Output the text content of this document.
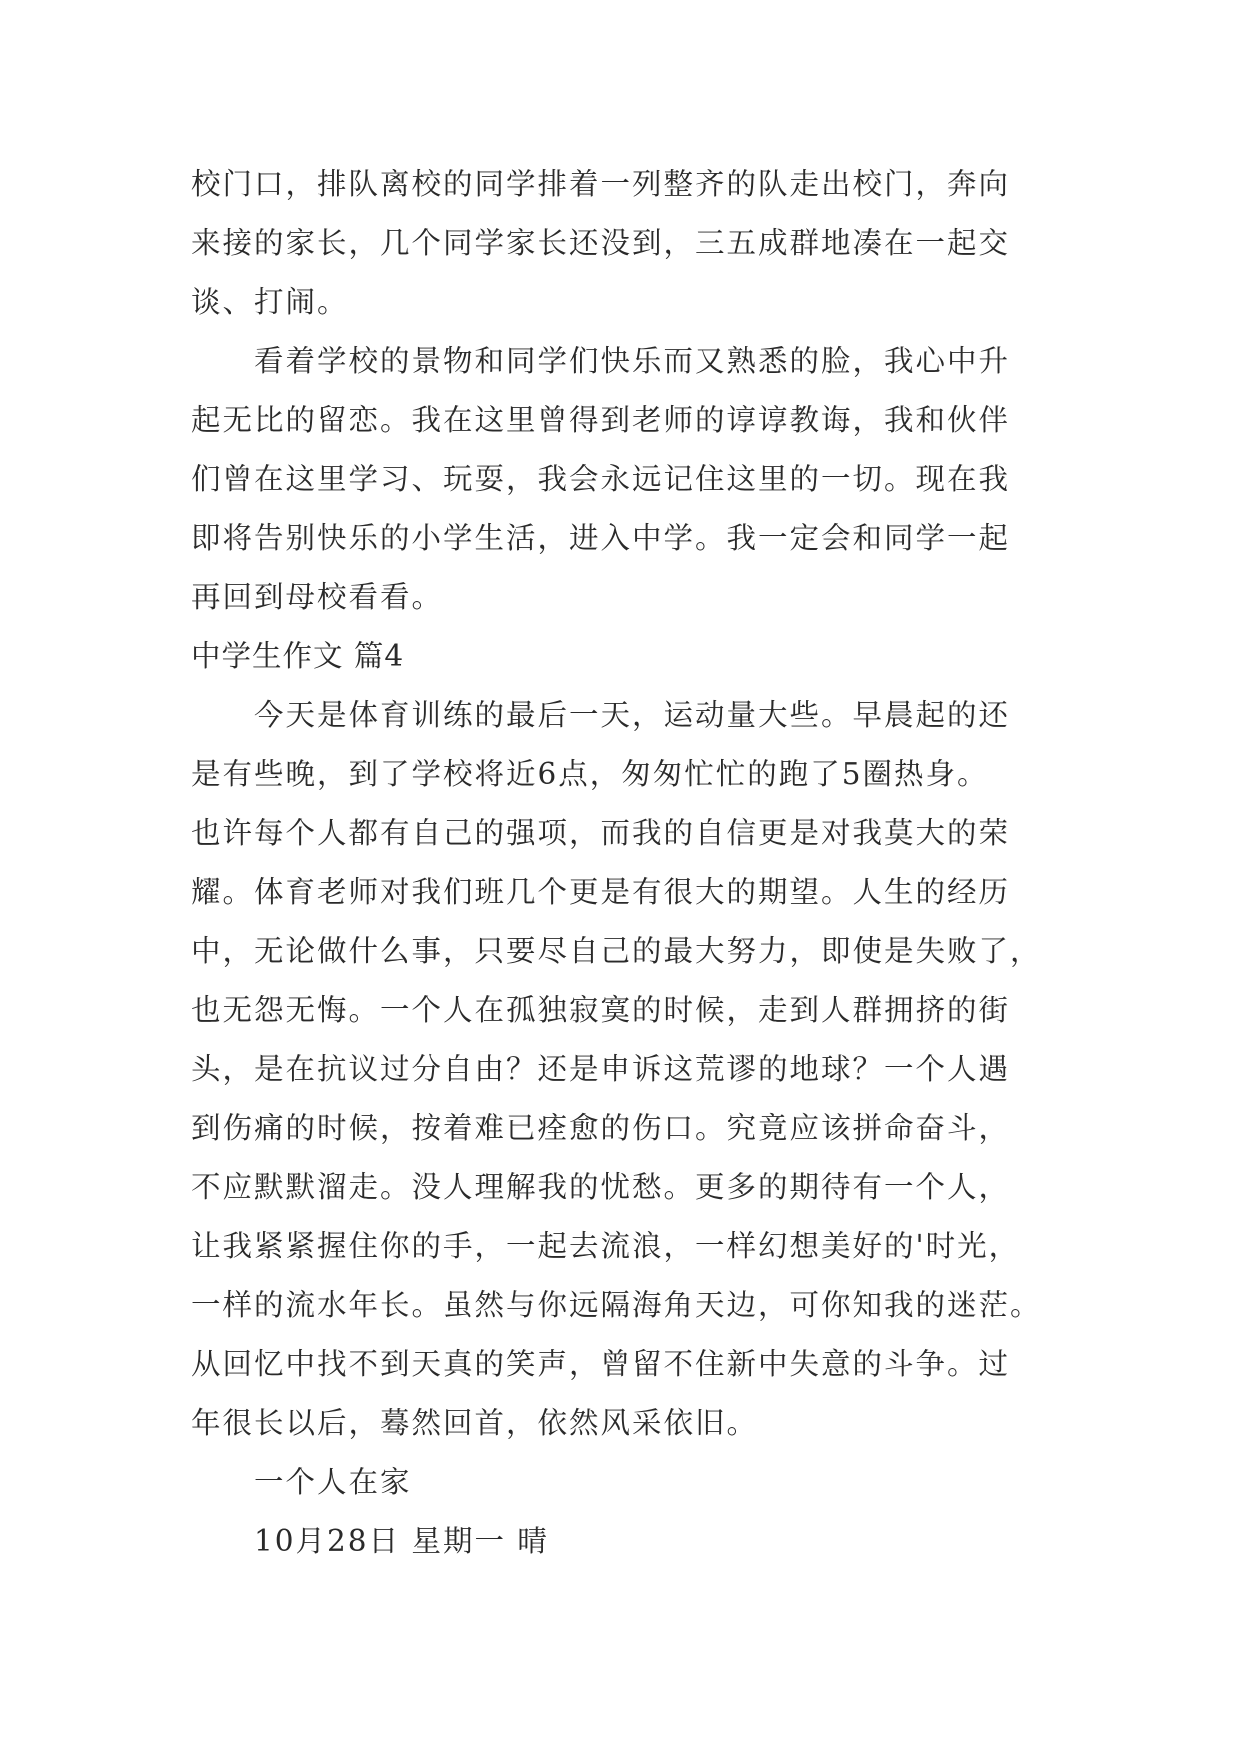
校门口，排队离校的同学排着一列整齐的队走出校门，奔向
来接的家长，几个同学家长还没到，三五成群地凑在一起交
谈、打闹。
看着学校的景物和同学们快乐而又熟悉的脸，我心中升
起无比的留恋。我在这里曾得到老师的谆谆教诲，我和伙伴
们曾在这里学习、玩耍，我会永远记住这里的一切。现在我
即将告别快乐的小学生活，进入中学。我一定会和同学一起
再回到母校看看。
中学生作文 篇4
今天是体育训练的最后一天，运动量大些。早晨起的还
是有些晚，到了学校将近6点，匆匆忙忙的跑了5圈热身。
也许每个人都有自己的强项，而我的自信更是对我莫大的荣
耀。体育老师对我们班几个更是有很大的期望。人生的经历
中，无论做什么事，只要尽自己的最大努力，即使是失败了，
也无怨无悔。一个人在孤独寂寞的时候，走到人群拥挤的街
头，是在抗议过分自由？还是申诉这荒谬的地球？一个人遇
到伤痛的时候，按着难已痊愈的伤口。究竟应该拼命奋斗，
不应默默溜走。没人理解我的忧愁。更多的期待有一个人，
让我紧紧握住你的手，一起去流浪，一样幻想美好的'时光，
一样的流水年长。虽然与你远隔海角天边，可你知我的迷茫。
从回忆中找不到天真的笑声，曾留不住新中失意的斗争。过
年很长以后，蓦然回首，依然风采依旧。
一个人在家
10月28日 星期一 晴
